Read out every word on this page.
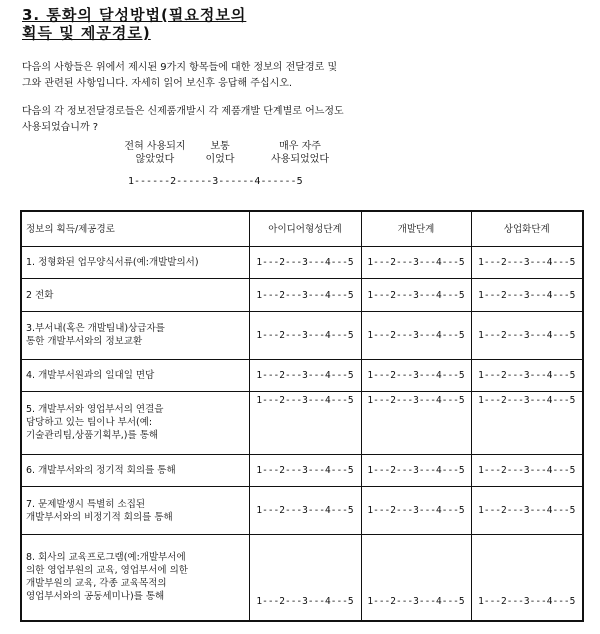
3. 통화의 달성방법(필요정보의
획득 및 제공경로)
다음의 사항들은 위에서 제시된 9가지 항목들에 대한 정보의 전달경로 및
그와 관련된 사항입니다. 자세히 읽어 보신후 응답해 주십시오.
다음의 각 정보전달경로들은 신제품개발시 각 제품개발 단계별로 어느정도
사용되었습니까 ?
전혀 사용되지
않았었다
보통
이었다
매우 자주
사용되었었다
1------2------3------4------5
정보의 획득/제공경로	아이디어형성단계	개발단계	상업화단계

1. 정형화된 업무양식서류(예:개발발의서)	1---2---3---4---5	1---2---3---4---5	1---2---3---4---5

2 전화	1---2---3---4---5	1---2---3---4---5	1---2---3---4---5

3.부서내(혹은 개발팀내)상급자를
통한 개발부서와의 정보교환	1---2---3---4---5	1---2---3---4---5	1---2---3---4---5

4. 개발부서원과의 일대일 면담	1---2---3---4---5	1---2---3---4---5	1---2---3---4---5

5. 개발부서와 영업부서의 연결을
담당하고 있는 팀이나 부서(예:
기술관리팀,상품기획부,)를 통해	1---2---3---4---5	1---2---3---4---5	1---2---3---4---5

6. 개발부서와의 정기적 회의를 통해	1---2---3---4---5	1---2---3---4---5	1---2---3---4---5

7. 문제발생시 특별히 소집된
개발부서와의 비정기적 회의를 통해	1---2---3---4---5	1---2---3---4---5	1---2---3---4---5

8. 회사의 교육프로그램(예:개발부서에
의한 영업부원의 교육, 영업부서에 의한
개발부원의 교육, 각종 교육목적의
영업부서와의 공동세미나)를 통해	1---2---3---4---5	1---2---3---4---5	1---2---3---4---5
